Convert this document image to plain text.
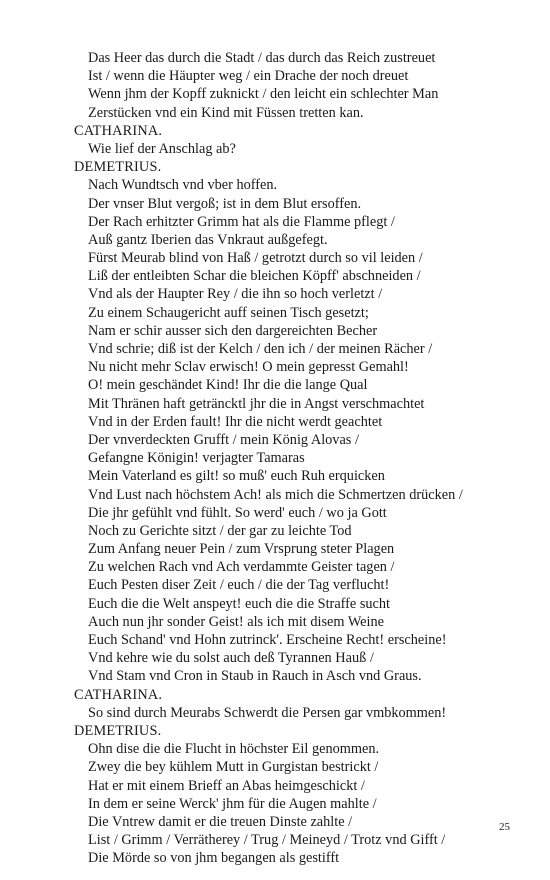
Das Heer das durch die Stadt / das durch das Reich zustreuet
Ist / wenn die Häupter weg / ein Drache der noch dreuet
Wenn jhm der Kopff zuknickt / den leicht ein schlechter Man
Zerstücken vnd ein Kind mit Füssen tretten kan.
CATHARINA.
Wie lief der Anschlag ab?
DEMETRIUS.
Nach Wundtsch vnd vber hoffen.
Der vnser Blut vergoß; ist in dem Blut ersoffen.
Der Rach erhitzter Grimm hat als die Flamme pflegt /
Auß gantz Iberien das Vnkraut außgefegt.
Fürst Meurab blind von Haß / getrotzt durch so vil leiden /
Liß der entleibten Schar die bleichen Köpff' abschneiden /
Vnd als der Haupter Rey / die ihn so hoch verletzt /
Zu einem Schaugericht auff seinen Tisch gesetzt;
Nam er schir ausser sich den dargereichten Becher
Vnd schrie; diß ist der Kelch / den ich / der meinen Rächer /
Nu nicht mehr Sclav erwisch! O mein gepresst Gemahl!
O! mein geschändet Kind! Ihr die die lange Qual
Mit Thränen haft geträncktl jhr die in Angst verschmachtet
Vnd in der Erden fault! Ihr die nicht werdt geachtet
Der vnverdeckten Grufft / mein König Alovas /
Gefangne Königin! verjagter Tamaras
Mein Vaterland es gilt! so muß' euch Ruh erquicken
Vnd Lust nach höchstem Ach! als mich die Schmertzen drücken /
Die jhr gefühlt vnd fühlt. So werd' euch / wo ja Gott
Noch zu Gerichte sitzt / der gar zu leichte Tod
Zum Anfang neuer Pein / zum Vrsprung steter Plagen
Zu welchen Rach vnd Ach verdammte Geister tagen /
Euch Pesten diser Zeit / euch / die der Tag verflucht!
Euch die die Welt anspeyt! euch die die Straffe sucht
Auch nun jhr sonder Geist! als ich mit disem Weine
Euch Schand' vnd Hohn zutrinck'. Erscheine Recht! erscheine!
Vnd kehre wie du solst auch deß Tyrannen Hauß /
Vnd Stam vnd Cron in Staub in Rauch in Asch vnd Graus.
CATHARINA.
So sind durch Meurabs Schwerdt die Persen gar vmbkommen!
DEMETRIUS.
Ohn dise die die Flucht in höchster Eil genommen.
Zwey die bey kühlem Mutt in Gurgistan bestrickt /
Hat er mit einem Brieff an Abas heimgeschickt /
In dem er seine Werck' jhm für die Augen mahlte /
Die Vntrew damit er die treuen Dinste zahlte /
List / Grimm / Verrätherey / Trug / Meineyd / Trotz vnd Gifft /
Die Mörde so von jhm begangen als gestifft
25
